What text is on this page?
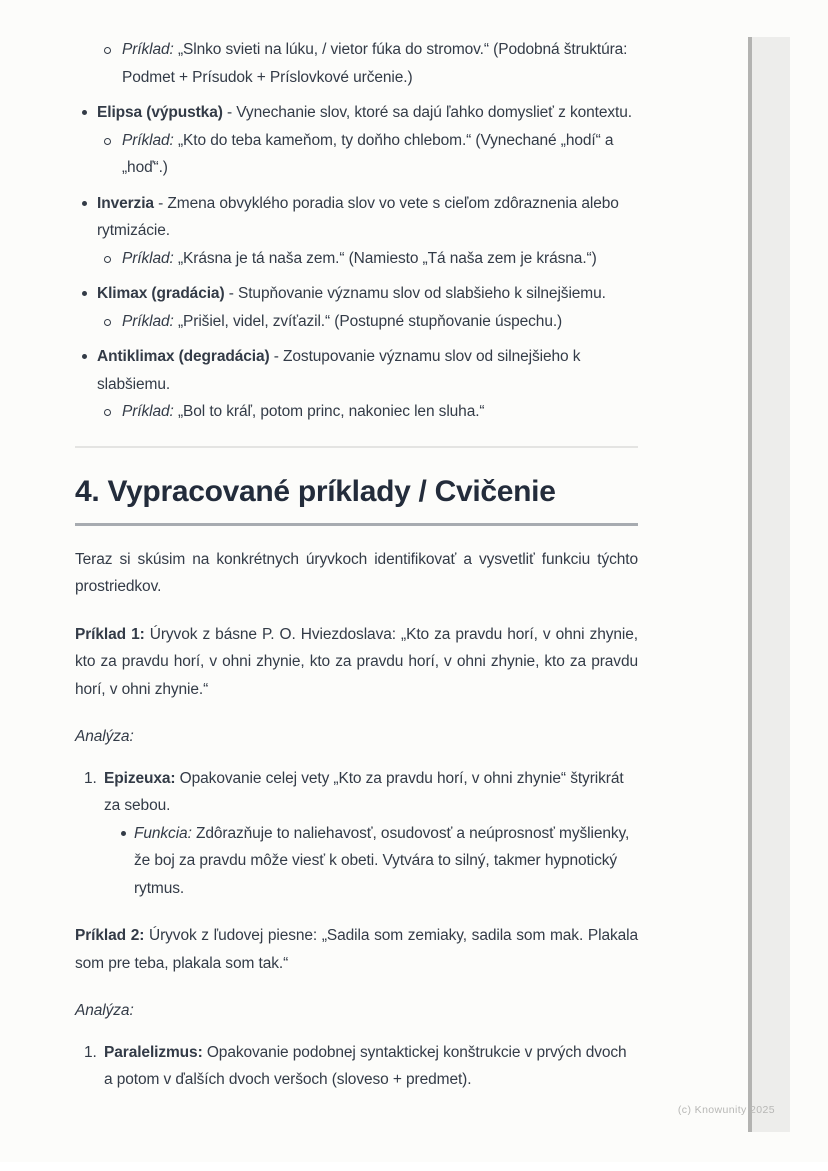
Príklad: „Slnko svieti na lúku, / vietor fúka do stromov.“ (Podobná štruktúra: Podmet + Prísudok + Príslovkové určenie.)
Elipsa (výpustka) - Vynechanie slov, ktoré sa dajú ľahko domyslieť z kontextu.
Príklad: „Kto do teba kameňom, ty doňho chlebom.“ (Vynechané „hodí“ a „hoď“.)
Inverzia - Zmena obvyklého poradia slov vo vete s cieľom zdôraznenia alebo rytmizácie.
Príklad: „Krásna je tá naša zem.“ (Namiesto „Tá naša zem je krásna.“)
Klimax (gradácia) - Stupňovanie významu slov od slabšieho k silnejšiemu.
Príklad: „Prišiel, videl, zvíťazil.“ (Postupné stupňovanie úspechu.)
Antiklimax (degradácia) - Zostupovanie významu slov od silnejšieho k slabšiemu.
Príklad: „Bol to kráľ, potom princ, nakoniec len sluha.“
4. Vypracované príklady / Cvičenie
Teraz si skúsim na konkrétnych úryvkoch identifikovať a vysvetliť funkciu týchto prostriedkov.
Príklad 1: Úryvok z básne P. O. Hviezdoslava: „Kto za pravdu horí, v ohni zhynie, kto za pravdu horí, v ohni zhynie, kto za pravdu horí, v ohni zhynie, kto za pravdu horí, v ohni zhynie.“
Analýza:
1. Epizeuxa: Opakovanie celej vety „Kto za pravdu horí, v ohni zhynie“ štyrikrát za sebou.
Funkcia: Zdôrazňuje to naliehavosť, osudovosť a neúprosnosť myšlienky, že boj za pravdu môže viesť k obeti. Vytvára to silný, takmer hypnotický rytmus.
Príklad 2: Úryvok z ľudovej piesne: „Sadila som zemiaky, sadila som mak. Plakala som pre teba, plakala som tak.“
Analýza:
1. Paralelizmus: Opakovanie podobnej syntaktickej konštrukcie v prvých dvoch a potom v ďalších dvoch veršoch (sloveso + predmet).
(c) Knowunity 2025
